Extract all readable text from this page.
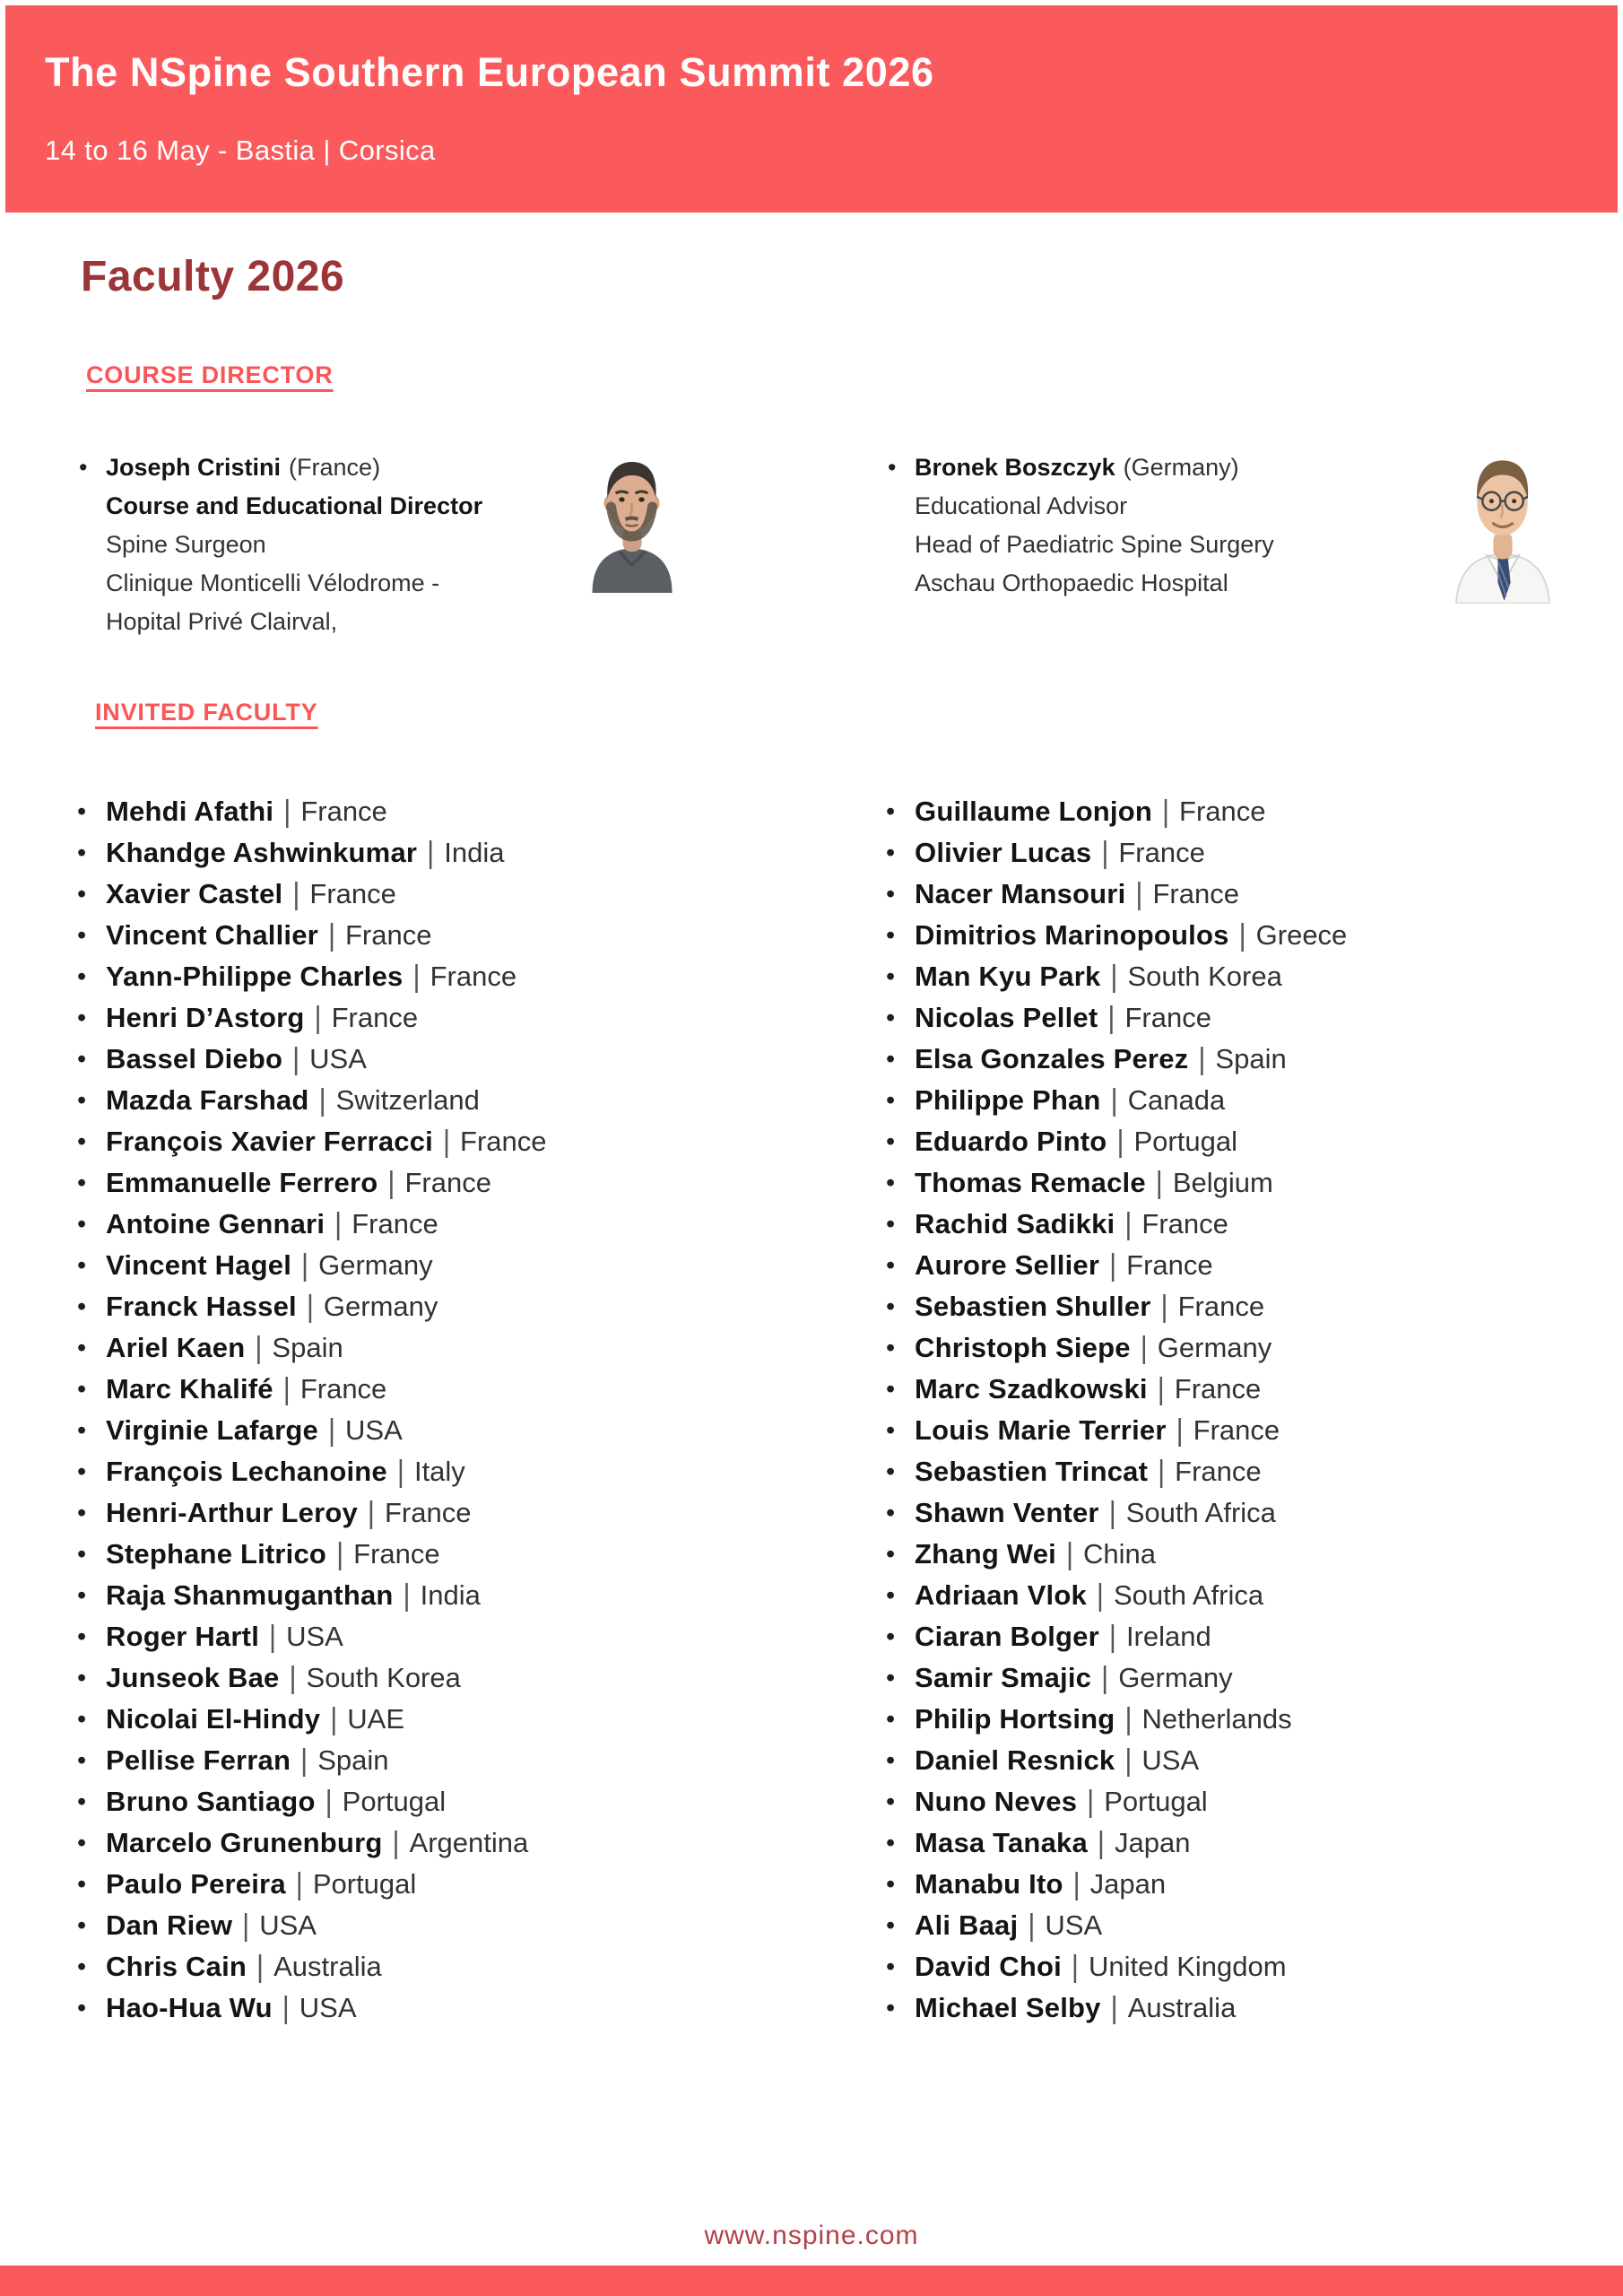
The NSpine Southern European Summit 2026
14 to 16 May - Bastia | Corsica
Faculty 2026
COURSE DIRECTOR
• Joseph Cristini (France)
Course and Educational Director
Spine Surgeon
Clinique Monticelli Vélodrome -
Hopital Privé Clairval,
• Bronek Boszczyk (Germany)
Educational Advisor
Head of Paediatric Spine Surgery
Aschau Orthopaedic Hospital
INVITED FACULTY
• Mehdi Afathi | France
• Khandge Ashwinkumar | India
• Xavier Castel | France
• Vincent Challier | France
• Yann-Philippe Charles | France
• Henri D’Astorg | France
• Bassel Diebo | USA
• Mazda Farshad | Switzerland
• François Xavier Ferracci | France
• Emmanuelle Ferrero | France
• Antoine Gennari | France
• Vincent Hagel | Germany
• Franck Hassel | Germany
• Ariel Kaen | Spain
• Marc Khalifé | France
• Virginie Lafarge | USA
• François Lechanoine | Italy
• Henri-Arthur Leroy | France
• Stephane Litrico | France
• Raja Shanmuganthan | India
• Roger Hartl | USA
• Junseok Bae | South Korea
• Nicolai El-Hindy | UAE
• Pellise Ferran | Spain
• Bruno Santiago | Portugal
• Marcelo Grunenburg | Argentina
• Paulo Pereira | Portugal
• Dan Riew | USA
• Chris Cain | Australia
• Hao-Hua Wu | USA
• Guillaume Lonjon | France
• Olivier Lucas | France
• Nacer Mansouri | France
• Dimitrios Marinopoulos | Greece
• Man Kyu Park | South Korea
• Nicolas Pellet | France
• Elsa Gonzales Perez | Spain
• Philippe Phan | Canada
• Eduardo Pinto | Portugal
• Thomas Remacle | Belgium
• Rachid Sadikki | France
• Aurore Sellier | France
• Sebastien Shuller | France
• Christoph Siepe | Germany
• Marc Szadkowski | France
• Louis Marie Terrier | France
• Sebastien Trincat | France
• Shawn Venter | South Africa
• Zhang Wei | China
• Adriaan Vlok | South Africa
• Ciaran Bolger | Ireland
• Samir Smajic | Germany
• Philip Hortsing | Netherlands
• Daniel Resnick | USA
• Nuno Neves | Portugal
• Masa Tanaka | Japan
• Manabu Ito | Japan
• Ali Baaj | USA
• David Choi | United Kingdom
• Michael Selby | Australia
www.nspine.com
